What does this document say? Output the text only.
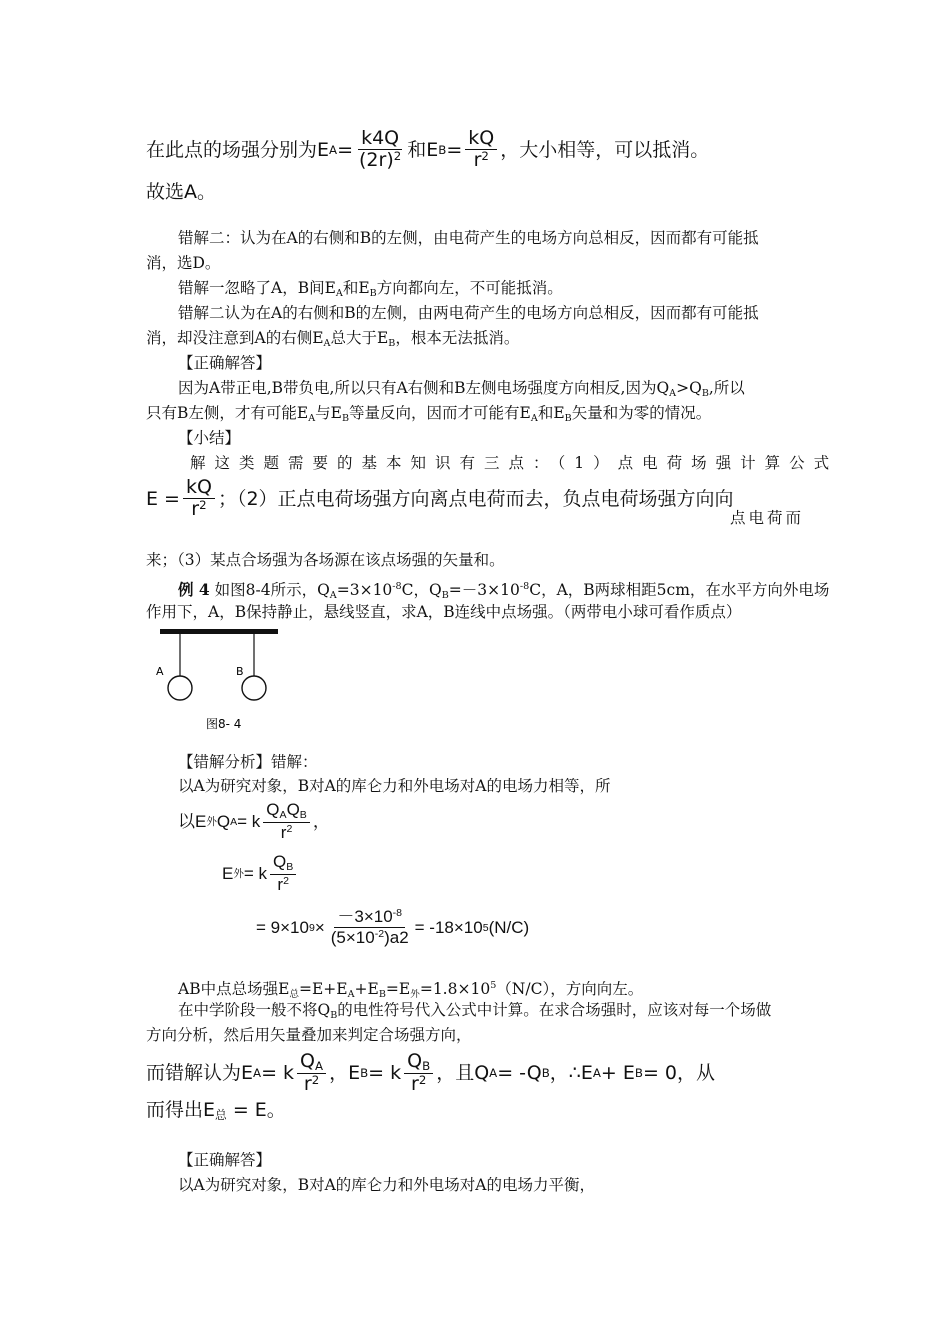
在此点的场强分别为E $A = \frac{k4Q}{(2r)^2}$ 和E $B = \frac{kQ}{r^2}$ ，大小相等，可以抵消。
故选A。
错解二：认为在A的右侧和B的左侧，由电荷产生的电场方向总相反，因而都有可能抵
消，选D。
错解一忽略了A，B间$E_A$和$E_B$方向都向左，不可能抵消。
错解二认为在A的右侧和B的左侧，由两电荷产生的电场方向总相反，因而都有可能抵
消，却没注意到A的右侧$E_A$总大于$E_B$，根本无法抵消。
【正确解答】
因为A带正电,B带负电,所以只有A右侧和B左侧电场强度方向相反,因为$Q_A>Q_B$,所以
只有B左侧，才有可能$E_A$与$E_B$等量反向，因而才可能有$E_A$和$E_B$矢量和为零的情况。
【小结】
解这类题需要的基本知识有三点：（1）点电荷场强计算公式
$E = \frac{kQ}{r^2}$ ；（2）正点电荷场强方向离点电荷而去，负点电荷场强方向向
点电荷而
来；（3）某点合场强为各场源在该点场强的矢量和。
例 4 如图8-4所示，$Q_A=3\times 10^{-8}C$，$Q_B=-3\times 10^{-8}C$，A，B两球相距5cm，在水平方向外电场
作用下，A，B保持静止，悬线竖直，求A，B连线中点场强。（两带电小球可看作质点）
A	B
图8- 4
【错解分析】错解：
以A为研究对象，B对A的库仑力和外电场对A的电场力相等，所
以E 外 Q A = k $\frac{Q_AQ_B}{r^2}$ ，
E 外 = k $\frac{Q_B}{r^2}$
= 9×10 $9 \times \frac{-3\times 10^{-8}}{(5\times 10^{-2})a2} = -18\times 10$ 5 (N/C)
AB中点总场强$E_总=E+E_A+E_B=E_外=1.8\times 10^5(N/C)$，方向向左。
在中学阶段一般不将$Q_B$的电性符号代入公式中计算。在求合场强时，应该对每一个场做
方向分析，然后用矢量叠加来判定合场强方向，
而错解认为E A = k $\frac{Q_A}{r^2}$ ，E B = k $\frac{Q_B}{r^2}$ ，且Q A = -Q B ，∴E A + E B = 0，从
而得出$E_总 = E$。
【正确解答】
以A为研究对象，B对A的库仑力和外电场对A的电场力平衡，
